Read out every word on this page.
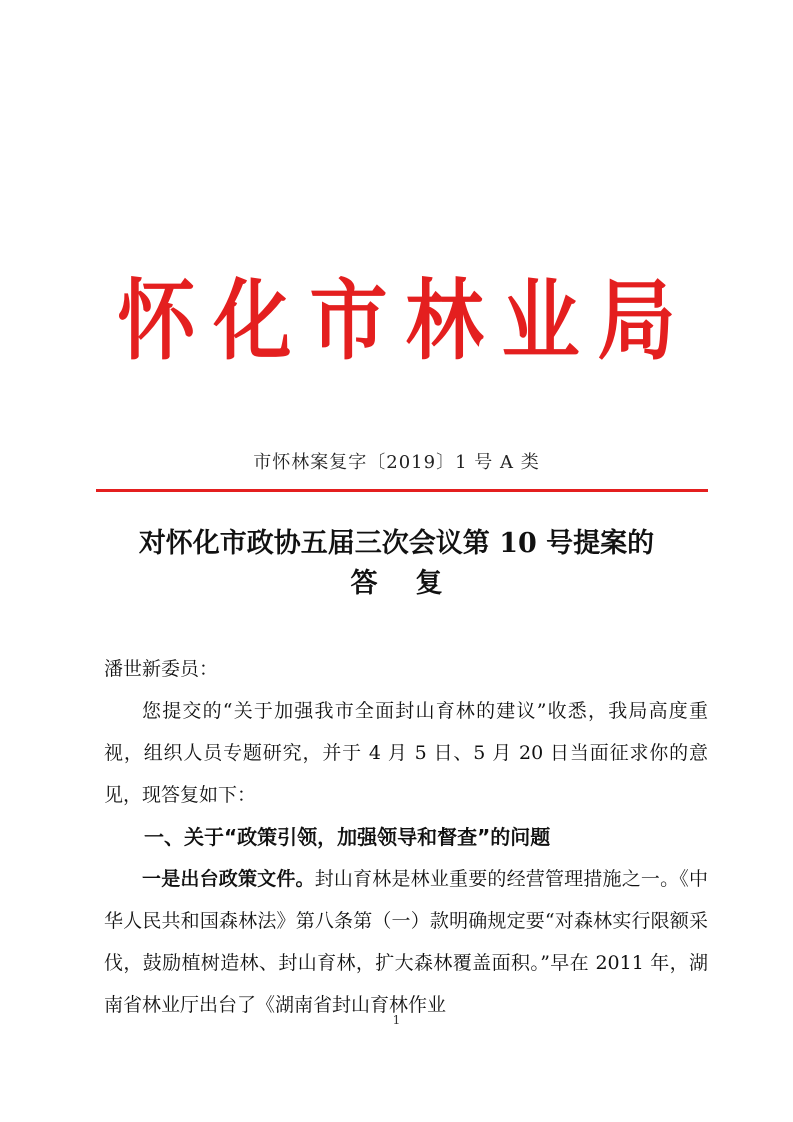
怀化市林业局
市怀林案复字〔2019〕1 号 A 类
对怀化市政协五届三次会议第 10 号提案的
答复

潘世新委员：

您提交的“关于加强我市全面封山育林的建议”收悉，我局高度重视，组织人员专题研究，并于 4 月 5 日、5 月 20 日当面征求你的意见，现答复如下：

一、关于“政策引领，加强领导和督查”的问题

一是出台政策文件。封山育林是林业重要的经营管理措施之一。《中华人民共和国森林法》第八条第（一）款明确规定要“对森林实行限额采伐，鼓励植树造林、封山育林，扩大森林覆盖面积。”早在 2011 年，湖南省林业厅出台了《湖南省封山育林作业

1
